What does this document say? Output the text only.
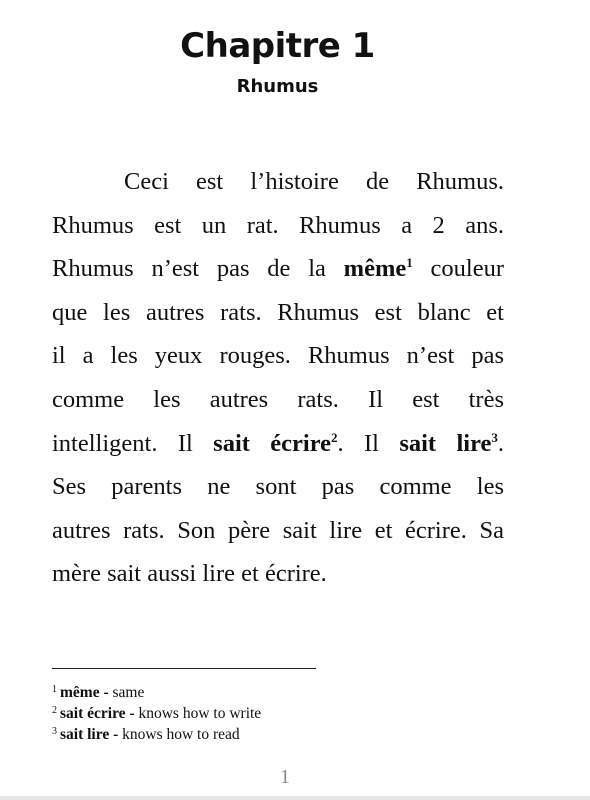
Chapitre 1
Rhumus
Ceci est l’histoire de Rhumus.
Rhumus est un rat. Rhumus a 2 ans.
Rhumus n’est pas de la même$^1$ couleur
que les autres rats. Rhumus est blanc et
il a les yeux rouges. Rhumus n’est pas
comme les autres rats. Il est très
intelligent. Il sait écrire$^2$. Il sait lire$^3$.
Ses parents ne sont pas comme les
autres rats. Son père sait lire et écrire. Sa
mère sait aussi lire et écrire.
$^1$ même - same
$^2$ sait écrire - knows how to write
$^3$ sait lire - knows how to read
1
